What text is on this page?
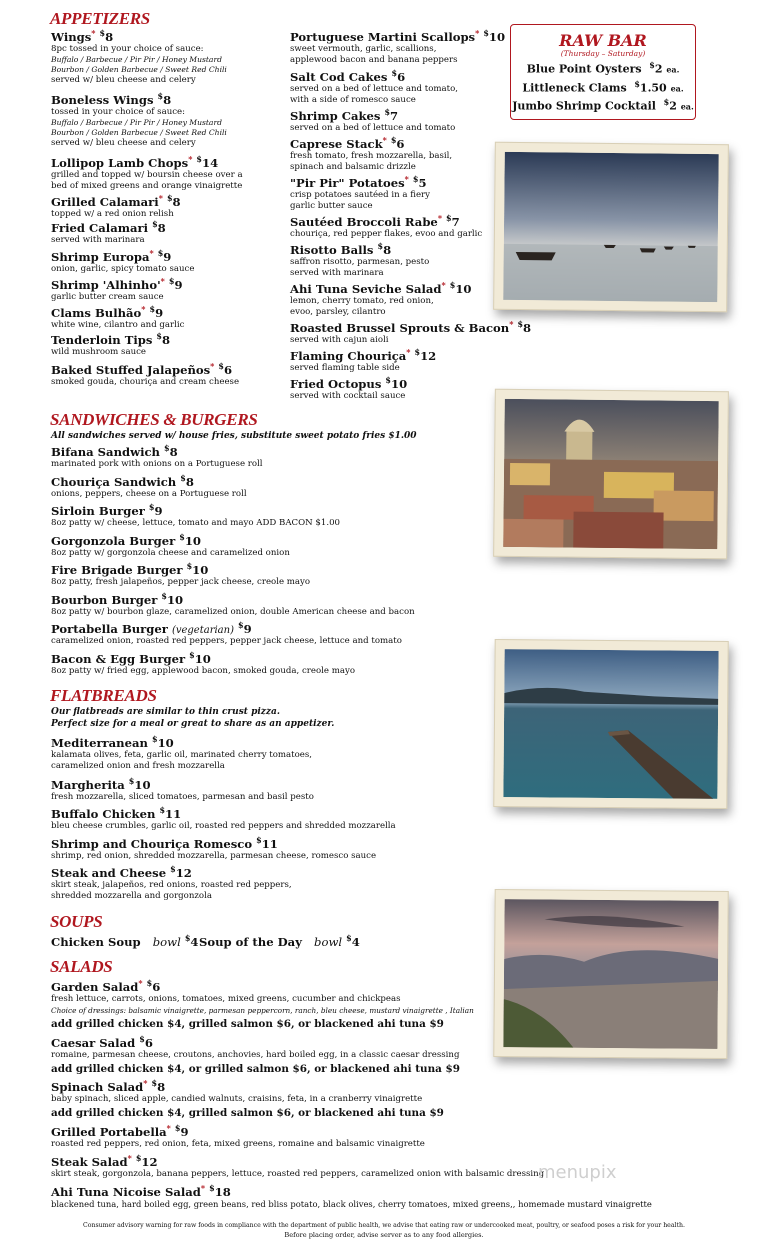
APPETIZERS
Wings* $8
8pc tossed in your choice of sauce:
Buffalo / Barbecue / Pir Pir / Honey Mustard
Bourbon / Golden Barbecue / Sweet Red Chili
served w/ bleu cheese and celery
Boneless Wings $8
tossed in your choice of sauce:
Buffalo / Barbecue / Pir Pir / Honey Mustard
Bourbon / Golden Barbecue / Sweet Red Chili
served w/ bleu cheese and celery
Lollipop Lamb Chops* $14
grilled and topped w/ boursin cheese over a
bed of mixed greens and orange vinaigrette
Grilled Calamari* $8
topped w/ a red onion relish
Fried Calamari $8
served with marinara
Shrimp Europa* $9
onion, garlic, spicy tomato sauce
Shrimp 'Alhinho'* $9
garlic butter cream sauce
Clams Bulhão* $9
white wine, cilantro and garlic
Tenderloin Tips $8
wild mushroom sauce
Baked Stuffed Jalapeños* $6
smoked gouda, chouriça and cream cheese
Portuguese Martini Scallops* $10
sweet vermouth, garlic, scallions,
applewood bacon and banana peppers
Salt Cod Cakes $6
served on a bed of lettuce and tomato,
with a side of romesco sauce
Shrimp Cakes $7
served on a bed of lettuce and tomato
Caprese Stack* $6
fresh tomato, fresh mozzarella, basil,
spinach and balsamic drizzle
"Pir Pir" Potatoes* $5
crisp potatoes sautéed in a fiery
garlic butter sauce
Sautéed Broccoli Rabe* $7
chouriça, red pepper flakes, evoo and garlic
Risotto Balls $8
saffron risotto, parmesan, pesto
served with marinara
Ahi Tuna Seviche Salad* $10
lemon, cherry tomato, red onion,
evoo, parsley, cilantro
Roasted Brussel Sprouts & Bacon* $8
served with cajun aioli
Flaming Chouriça* $12
served flaming table side
Fried Octopus $10
served with cocktail sauce
RAW BAR
(Thursday – Saturday)
Blue Point Oysters $2 ea.
Littleneck Clams $1.50 ea.
Jumbo Shrimp Cocktail $2 ea.
SANDWICHES & BURGERS
All sandwiches served w/ house fries, substitute sweet potato fries $1.00
Bifana Sandwich $8
marinated pork with onions on a Portuguese roll
Chouriça Sandwich $8
onions, peppers, cheese on a Portuguese roll
Sirloin Burger $9
8oz patty w/ cheese, lettuce, tomato and mayo ADD BACON $1.00
Gorgonzola Burger $10
8oz patty w/ gorgonzola cheese and caramelized onion
Fire Brigade Burger $10
8oz patty, fresh jalapeños, pepper jack cheese, creole mayo
Bourbon Burger $10
8oz patty w/ bourbon glaze, caramelized onion, double American cheese and bacon
Portabella Burger (vegetarian) $9
caramelized onion, roasted red peppers, pepper jack cheese, lettuce and tomato
Bacon & Egg Burger $10
8oz patty w/ fried egg, applewood bacon, smoked gouda, creole mayo
FLATBREADS
Our flatbreads are similar to thin crust pizza.
Perfect size for a meal or great to share as an appetizer.
Mediterranean $10
kalamata olives, feta, garlic oil, marinated cherry tomatoes,
caramelized onion and fresh mozzarella
Margherita $10
fresh mozzarella, sliced tomatoes, parmesan and basil pesto
Buffalo Chicken $11
bleu cheese crumbles, garlic oil, roasted red peppers and shredded mozzarella
Shrimp and Chouriça Romesco $11
shrimp, red onion, shredded mozzarella, parmesan cheese, romesco sauce
Steak and Cheese $12
skirt steak, jalapeños, red onions, roasted red peppers,
shredded mozzarella and gorgonzola
SOUPS
Chicken Soup bowl $4 Soup of the Day bowl $4
SALADS
Garden Salad* $6
fresh lettuce, carrots, onions, tomatoes, mixed greens, cucumber and chickpeas
Choice of dressings: balsamic vinaigrette, parmesan peppercorn, ranch, bleu cheese, mustard vinaigrette , Italian
add grilled chicken $4, grilled salmon $6, or blackened ahi tuna $9
Caesar Salad $6
romaine, parmesan cheese, croutons, anchovies, hard boiled egg, in a classic caesar dressing
add grilled chicken $4, or grilled salmon $6, or blackened ahi tuna $9
Spinach Salad* $8
baby spinach, sliced apple, candied walnuts, craisins, feta, in a cranberry vinaigrette
add grilled chicken $4, grilled salmon $6, or blackened ahi tuna $9
Grilled Portabella* $9
roasted red peppers, red onion, feta, mixed greens, romaine and balsamic vinaigrette
Steak Salad* $12
skirt steak, gorgonzola, banana peppers, lettuce, roasted red peppers, caramelized onion with balsamic dressing
Ahi Tuna Nicoise Salad* $18
blackened tuna, hard boiled egg, green beans, red bliss potato, black olives, cherry tomatoes, mixed greens,, homemade mustard vinaigrette
menupix
Consumer advisory warning for raw foods in compliance with the department of public health, we advise that eating raw or undercooked meat, poultry, or seafood poses a risk for your health.
Before placing order, advise server as to any food allergies.
